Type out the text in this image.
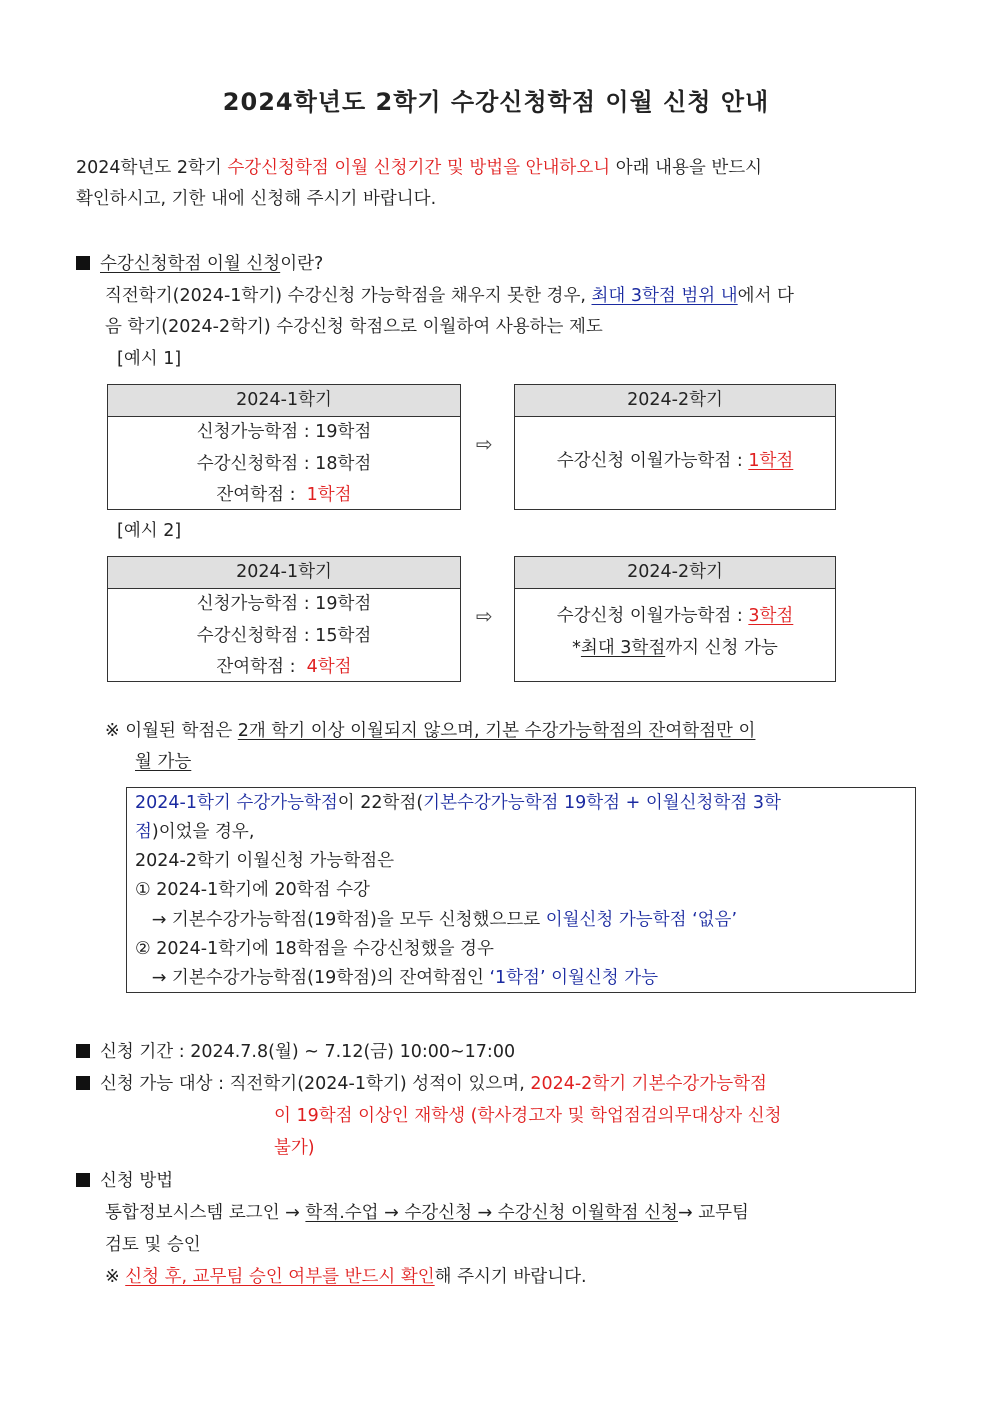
2024학년도 2학기 수강신청학점 이월 신청 안내
2024학년도 2학기 수강신청학점 이월 신청기간 및 방법을 안내하오니 아래 내용을 반드시
확인하시고, 기한 내에 신청해 주시기 바랍니다.
수강신청학점 이월 신청이란?
직전학기(2024-1학기) 수강신청 가능학점을 채우지 못한 경우, 최대 3학점 범위 내에서 다
음 학기(2024-2학기) 수강신청 학점으로 이월하여 사용하는 제도
[예시 1]
2024-1학기
신청가능학점 : 19학점
수강신청학점 : 18학점
잔여학점 :  1학점
⇨
2024-2학기
수강신청 이월가능학점 : 1학점
[예시 2]
2024-1학기
신청가능학점 : 19학점
수강신청학점 : 15학점
잔여학점 :  4학점
⇨
2024-2학기
수강신청 이월가능학점 : 3학점
*최대 3학점까지 신청 가능
※ 이월된 학점은 2개 학기 이상 이월되지 않으며, 기본 수강가능학점의 잔여학점만 이
월 가능
2024-1학기 수강가능학점이 22학점(기본수강가능학점 19학점 + 이월신청학점 3학
점)이었을 경우,
2024-2학기 이월신청 가능학점은
① 2024-1학기에 20학점 수강
→ 기본수강가능학점(19학점)을 모두 신청했으므로 이월신청 가능학점 ‘없음’
② 2024-1학기에 18학점을 수강신청했을 경우
→ 기본수강가능학점(19학점)의 잔여학점인 ‘1학점’ 이월신청 가능
신청 기간 : 2024.7.8(월) ~ 7.12(금) 10:00~17:00
신청 가능 대상 : 직전학기(2024-1학기) 성적이 있으며, 2024-2학기 기본수강가능학점
이 19학점 이상인 재학생 (학사경고자 및 학업점검의무대상자 신청
불가)
신청 방법
통합정보시스템 로그인 → 학적.수업 → 수강신청 → 수강신청 이월학점 신청→ 교무팀
검토 및 승인
※ 신청 후, 교무팀 승인 여부를 반드시 확인해 주시기 바랍니다.
